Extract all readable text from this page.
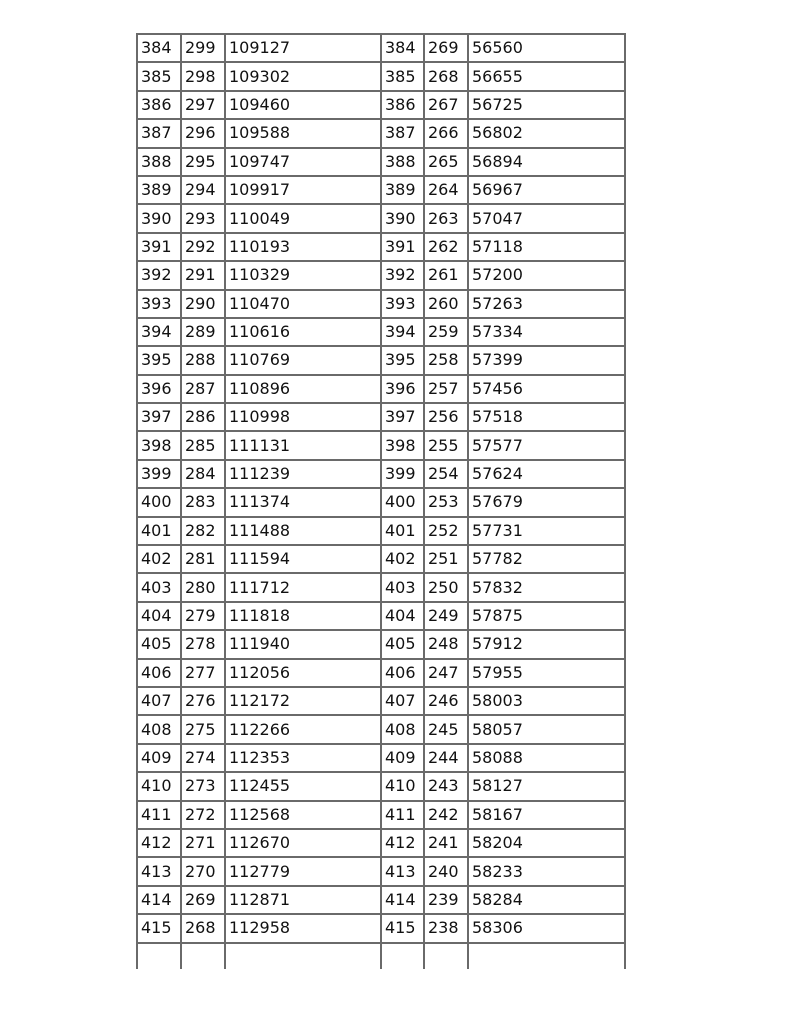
384	299	109127	384	269	56560
385	298	109302	385	268	56655
386	297	109460	386	267	56725
387	296	109588	387	266	56802
388	295	109747	388	265	56894
389	294	109917	389	264	56967
390	293	110049	390	263	57047
391	292	110193	391	262	57118
392	291	110329	392	261	57200
393	290	110470	393	260	57263
394	289	110616	394	259	57334
395	288	110769	395	258	57399
396	287	110896	396	257	57456
397	286	110998	397	256	57518
398	285	111131	398	255	57577
399	284	111239	399	254	57624
400	283	111374	400	253	57679
401	282	111488	401	252	57731
402	281	111594	402	251	57782
403	280	111712	403	250	57832
404	279	111818	404	249	57875
405	278	111940	405	248	57912
406	277	112056	406	247	57955
407	276	112172	407	246	58003
408	275	112266	408	245	58057
409	274	112353	409	244	58088
410	273	112455	410	243	58127
411	272	112568	411	242	58167
412	271	112670	412	241	58204
413	270	112779	413	240	58233
414	269	112871	414	239	58284
415	268	112958	415	238	58306
